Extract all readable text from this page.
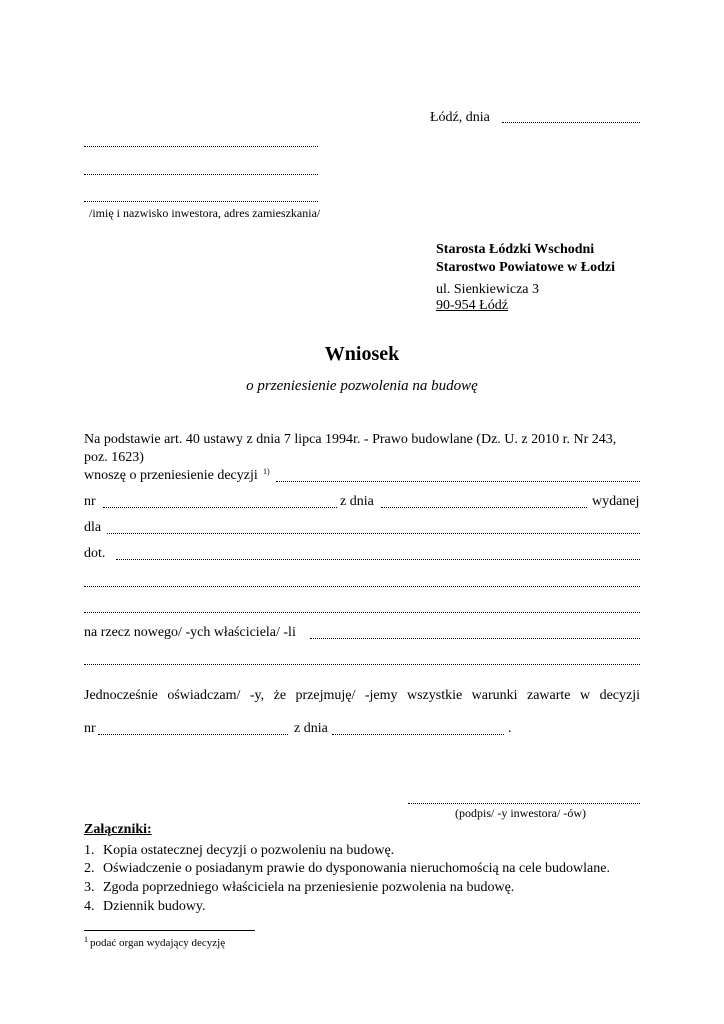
Łódź, dnia
/imię i nazwisko inwestora, adres zamieszkania/
Starosta Łódzki Wschodni
Starostwo Powiatowe w Łodzi
ul. Sienkiewicza 3
90-954 Łódź
Wniosek
o przeniesienie pozwolenia na budowę
Na podstawie art. 40 ustawy z dnia 7 lipca 1994r. - Prawo budowlane (Dz. U. z 2010 r. Nr 243,
poz. 1623)
wnoszę o przeniesienie decyzji 1)
nr	z dnia	wydanej
dla
dot.
na rzecz nowego/ -ych właściciela/ -li
Jednocześnie oświadczam/ -y, że przejmuję/ -jemy wszystkie warunki zawarte w decyzji
nr	z dnia	.
(podpis/ -y inwestora/ -ów)
Załączniki:
1. Kopia ostatecznej decyzji o pozwoleniu na budowę.
2. Oświadczenie o posiadanym prawie do dysponowania nieruchomością na cele budowlane.
3. Zgoda poprzedniego właściciela na przeniesienie pozwolenia na budowę.
4. Dziennik budowy.
1 podać organ wydający decyzję
